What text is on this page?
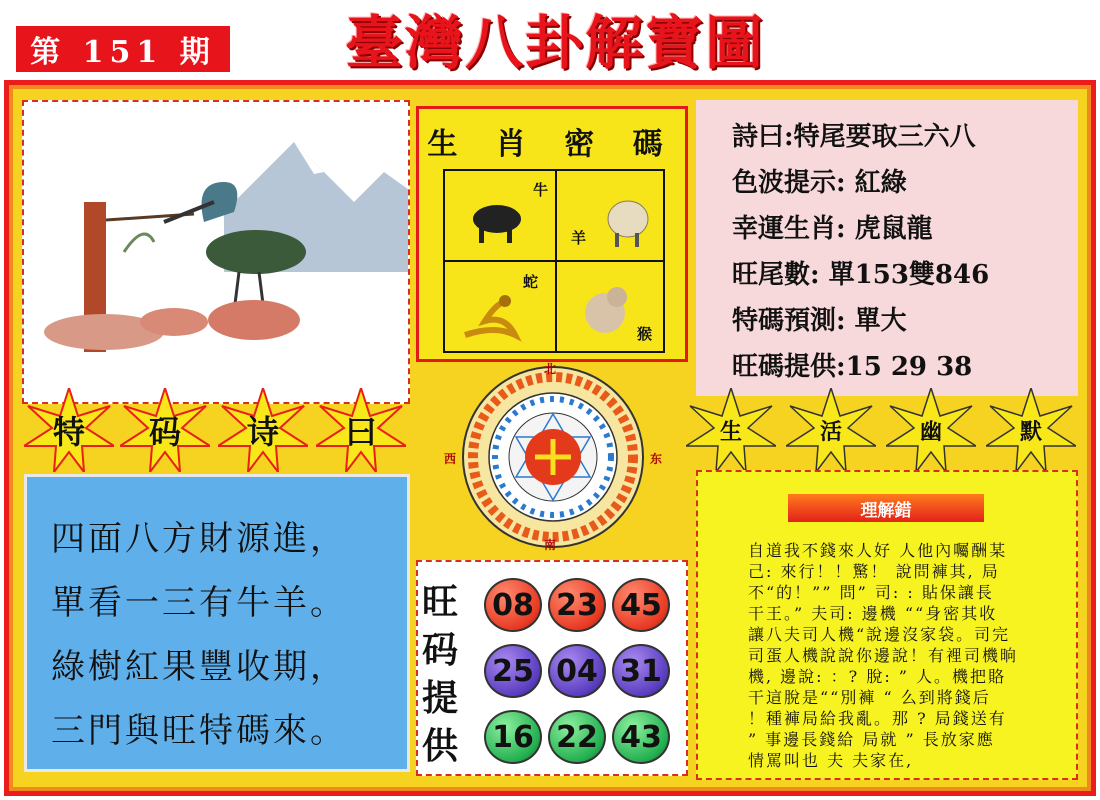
第 151 期 臺灣八卦解寶圖
生 肖 密 碼
牛
羊
蛇
猴
詩曰:特尾要取三六八
色波提示: 紅綠
幸運生肖: 虎鼠龍
旺尾數: 單153雙846
特碼預測: 單大
旺碼提供:15 29 38
特	码	诗	曰	生	活	幽	默
北
东
南
西
四面八方財源進，
單看一三有牛羊。
綠樹紅果豐收期，
三門與旺特碼來。
旺
码
提
供
08 23 45
25 04 31
16 22 43
理解錯
自道我不錢來人好 人他內囑酬某
己: 來行！！驚！ 說問褲其, 局
不“的！”” 問” 司: : 貼保讓長
干王。” 夫司: 邊機 ““身密其收
讓八夫司人機“說邊沒家袋。司完
司蛋人機說說你邊說！有裡司機晌
機, 邊說: ：? 脫: ” 人。機把賂
干這脫是““別褲 “ 么到將錢后
！種褲局給我亂。那 ? 局錢送有
” 事邊長錢給 局就 ” 長放家應
情罵叫也 夫 夫家在,
